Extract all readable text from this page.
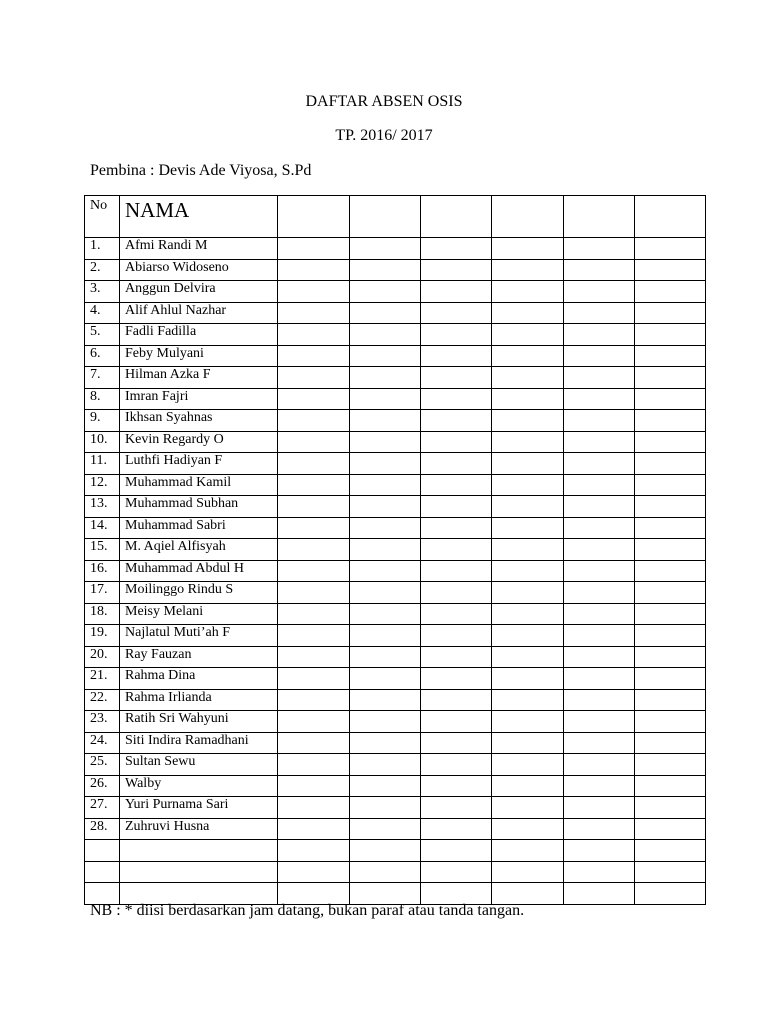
DAFTAR ABSEN OSIS
TP. 2016/ 2017
Pembina : Devis Ade Viyosa, S.Pd
No	NAMA						
1.	Afmi Randi M						
2.	Abiarso Widoseno						
3.	Anggun Delvira						
4.	Alif Ahlul Nazhar						
5.	Fadli Fadilla						
6.	Feby Mulyani						
7.	Hilman Azka F						
8.	Imran Fajri						
9.	Ikhsan Syahnas						
10.	Kevin Regardy O						
11.	Luthfi Hadiyan F						
12.	Muhammad Kamil						
13.	Muhammad Subhan						
14.	Muhammad Sabri						
15.	M. Aqiel Alfisyah						
16.	Muhammad Abdul H						
17.	Moilinggo Rindu S						
18.	Meisy Melani						
19.	Najlatul Muti’ah F						
20.	Ray Fauzan						
21.	Rahma Dina						
22.	Rahma Irlianda						
23.	Ratih Sri Wahyuni						
24.	Siti Indira Ramadhani						
25.	Sultan Sewu						
26.	Walby						
27.	Yuri Purnama Sari						
28.	Zuhruvi Husna						

NB : * diisi berdasarkan jam datang, bukan paraf atau tanda tangan.
